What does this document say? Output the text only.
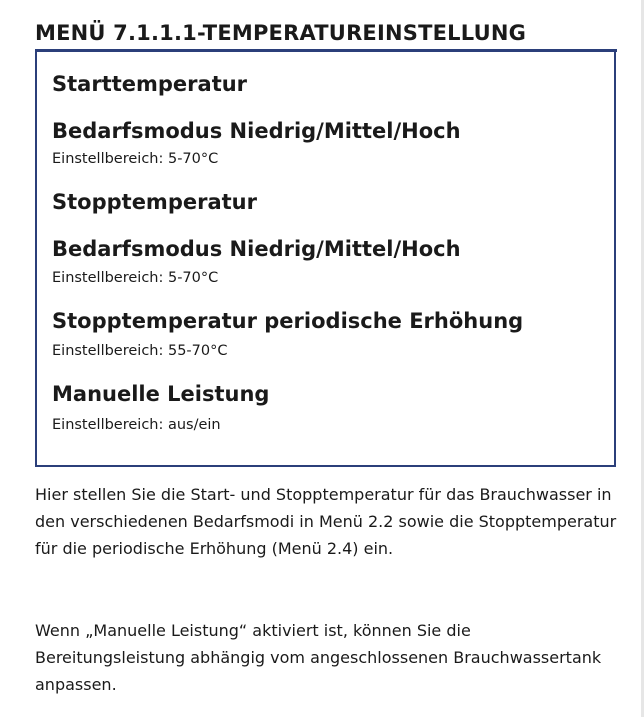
MENÜ 7.1.1.1-TEMPERATUREINSTELLUNG
Starttemperatur
Bedarfsmodus Niedrig/Mittel/Hoch
Einstellbereich: 5-70°C
Stopptemperatur
Bedarfsmodus Niedrig/Mittel/Hoch
Einstellbereich: 5-70°C
Stopptemperatur periodische Erhöhung
Einstellbereich: 55-70°C
Manuelle Leistung
Einstellbereich: aus/ein

Hier stellen Sie die Start- und Stopptemperatur für das Brauchwasser in den verschiedenen Bedarfsmodi in Menü 2.2 sowie die Stopptemperatur für die periodische Erhöhung (Menü 2.4) ein.

Wenn „Manuelle Leistung“ aktiviert ist, können Sie die Bereitungsleistung abhängig vom angeschlossenen Brauchwassertank anpassen.
